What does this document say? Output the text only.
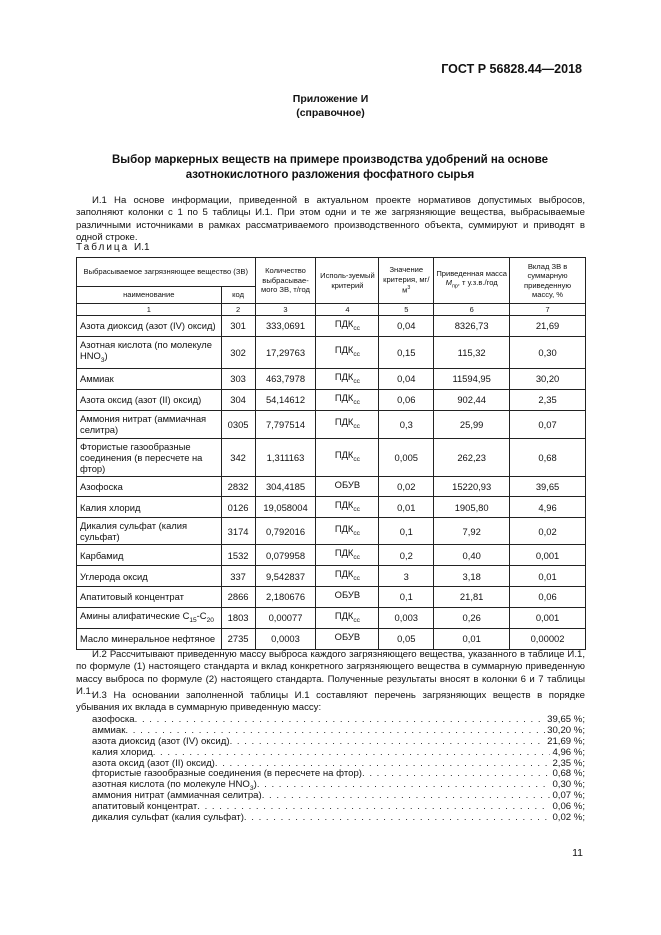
ГОСТ Р 56828.44—2018
Приложение И
(справочное)
Выбор маркерных веществ на примере производства удобрений на основе азотнокислотного разложения фосфатного сырья

И.1 На основе информации, приведенной в актуальном проекте нормативов допустимых выбросов, заполняют колонки с 1 по 5 таблицы И.1. При этом одни и те же загрязняющие вещества, выбрасываемые различными источниками в рамках рассматриваемого производственного объекта, суммируют и приводят в одной строке.

Таблица И.1
Выбрасываемое загрязняющее вещество (ЗВ)		Количество выбрасывае-мого ЗВ, т/год	Исполь-зуемый критерий	Значение критерия, $мг/м^3$	Приведенная масса $M_{пр}$, т у.з.в./год	Вклад ЗВ в суммарную приведенную массу, %
наименование	код					
1	2	3	4	5	6	7
Азота диоксид (азот (IV) оксид)	301	333,0691	$ПДК_{сс}$	0,04	8326,73	21,69
Азотная кислота (по молекуле $HNO_3$)	302	17,29763	$ПДК_{сс}$	0,15	115,32	0,30
Аммиак	303	463,7978	$ПДК_{сс}$	0,04	11594,95	30,20
Азота оксид (азот (II) оксид)	304	54,14612	$ПДК_{сс}$	0,06	902,44	2,35
Аммония нитрат (аммиачная селитра)	0305	7,797514	$ПДК_{сс}$	0,3	25,99	0,07
Фтористые газообразные соединения (в пересчете на фтор)	342	1,311163	$ПДК_{сс}$	0,005	262,23	0,68
Азофоска	2832	304,4185	ОБУВ	0,02	15220,93	39,65
Калия хлорид	0126	19,058004	$ПДК_{сс}$	0,01	1905,80	4,96
Дикалия сульфат (калия сульфат)	3174	0,792016	$ПДК_{сс}$	0,1	7,92	0,02
Карбамид	1532	0,079958	$ПДК_{сс}$	0,2	0,40	0,001
Углерода оксид	337	9,542837	$ПДК_{сс}$	3	3,18	0,01
Апатитовый концентрат	2866	2,180676	ОБУВ	0,1	21,81	0,06
Амины алифатические $C_{15}-C_{20}$	1803	0,00077	$ПДК_{сс}$	0,003	0,26	0,001
Масло минеральное нефтяное	2735	0,0003	ОБУВ	0,05	0,01	0,00002

И.2 Рассчитывают приведенную массу выброса каждого загрязняющего вещества, указанного в таблице И.1, по формуле (1) настоящего стандарта и вклад конкретного загрязняющего вещества в суммарную приведенную массу выброса по формуле (2) настоящего стандарта. Полученные результаты вносят в колонки 6 и 7 таблицы И.1.

И.3 На основании заполненной таблицы И.1 составляют перечень загрязняющих веществ в порядке убывания их вклада в суммарную приведенную массу:

азофоска . . .	39,65 %;
аммиак . . .	30,20 %;
азота диоксид (азот (IV) оксид) . . .	21,69 %;
калия хлорид . . .	4,96 %;
азота оксид (азот (II) оксид) . . .	2,35 %;
фтористые газообразные соединения (в пересчете на фтор) . . .	0,68 %;
азотная кислота (по молекуле $HNO_3$) . . .	0,30 %;
аммония нитрат (аммиачная селитра) . . .	0,07 %;
апатитовый концентрат . . .	0,06 %;
дикалия сульфат (калия сульфат) . . .	0,02 %;
11
